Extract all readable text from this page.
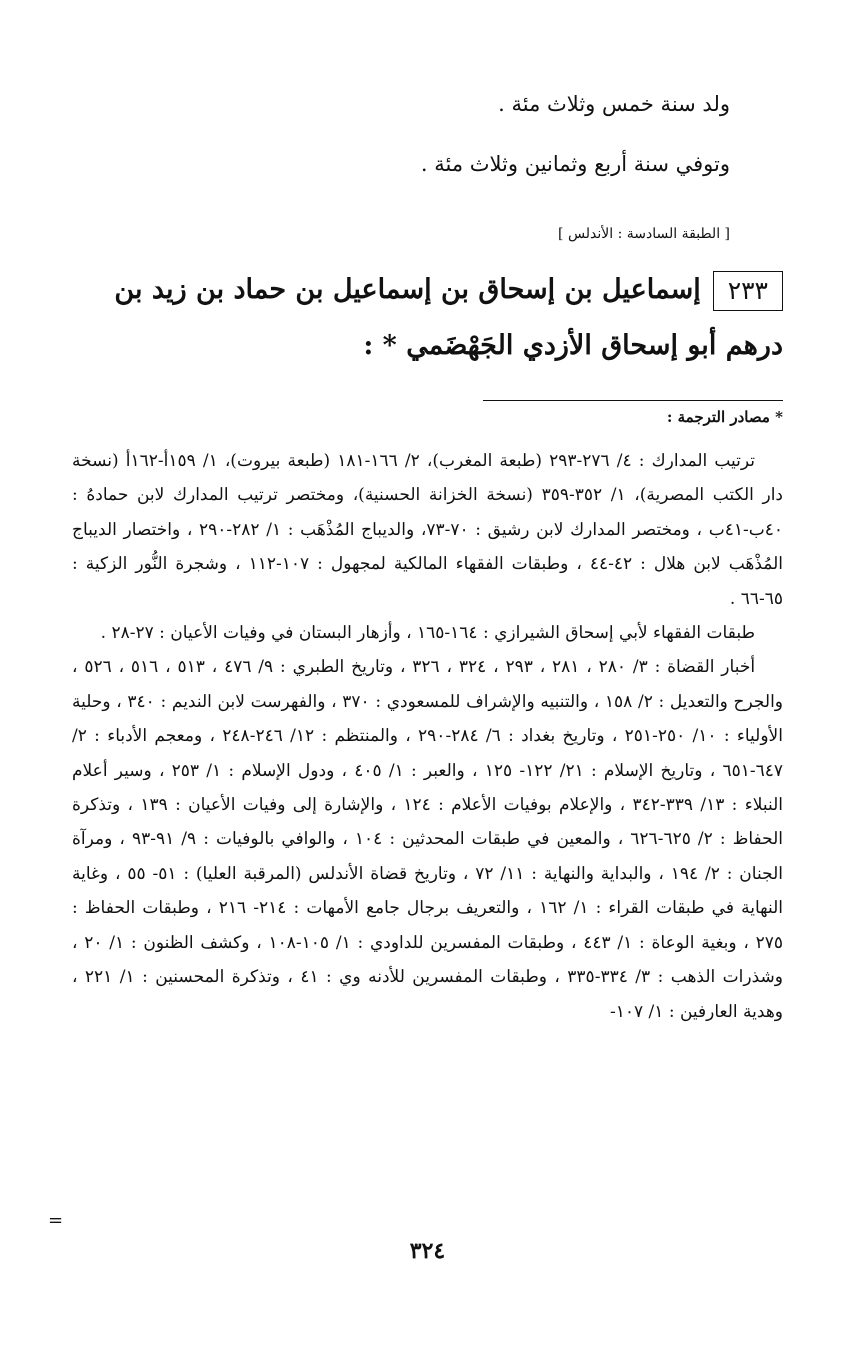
ولد سنة خمس وثلاث مئة .
وتوفي سنة أربع وثمانين وثلاث مئة .
[ الطبقة السادسة : الأندلس ]
٢٣٣إسماعيل بن إسحاق بن إسماعيل بن حماد بن زيد بن درهم أبو إسحاق الأزدي الجَهْضَمي * :
* مصادر الترجمة :

ترتيب المدارك : ٤/ ٢٧٦-٢٩٣ (طبعة المغرب)، ٢/ ١٦٦-١٨١ (طبعة بيروت)، ١/ ١٥٩أ-١٦٢أ (نسخة دار الكتب المصرية)، ١/ ٣٥٢-٣٥٩ (نسخة الخزانة الحسنية)، ومختصر ترتيب المدارك لابن حمادهُ : ٤٠ب-٤١ب ، ومختصر المدارك لابن رشيق : ٧٠-٧٣، والديباج المُذْهَب : ١/ ٢٨٢-٢٩٠ ، واختصار الديباج المُذْهَب لابن هلال : ٤٢-٤٤ ، وطبقات الفقهاء المالكية لمجهول : ١٠٧-١١٢ ، وشجرة النُّور الزكية : ٦٥-٦٦ .

طبقات الفقهاء لأبي إسحاق الشيرازي : ١٦٤-١٦٥ ، وأزهار البستان في وفيات الأعيان : ٢٧-٢٨ .

أخبار القضاة : ٣/ ٢٨٠ ، ٢٨١ ، ٢٩٣ ، ٣٢٤ ، ٣٢٦ ، وتاريخ الطبري : ٩/ ٤٧٦ ، ٥١٣ ، ٥١٦ ، ٥٢٦ ، والجرح والتعديل : ٢/ ١٥٨ ، والتنبيه والإشراف للمسعودي : ٣٧٠ ، والفهرست لابن النديم : ٣٤٠ ، وحلية الأولياء : ١٠/ ٢٥٠-٢٥١ ، وتاريخ بغداد : ٦/ ٢٨٤-٢٩٠ ، والمنتظم : ١٢/ ٢٤٦-٢٤٨ ، ومعجم الأدباء : ٢/ ٦٤٧-٦٥١ ، وتاريخ الإسلام : ٢١/ ١٢٢- ١٢٥ ، والعبر : ١/ ٤٠٥ ، ودول الإسلام : ١/ ٢٥٣ ، وسير أعلام النبلاء : ١٣/ ٣٣٩-٣٤٢ ، والإعلام بوفيات الأعلام : ١٢٤ ، والإشارة إلى وفيات الأعيان : ١٣٩ ، وتذكرة الحفاظ : ٢/ ٦٢٥-٦٢٦ ، والمعين في طبقات المحدثين : ١٠٤ ، والوافي بالوفيات : ٩/ ٩١-٩٣ ، ومرآة الجنان : ٢/ ١٩٤ ، والبداية والنهاية : ١١/ ٧٢ ، وتاريخ قضاة الأندلس (المرقبة العليا) : ٥١- ٥٥ ، وغاية النهاية في طبقات القراء : ١/ ١٦٢ ، والتعريف برجال جامع الأمهات : ٢١٤- ٢١٦ ، وطبقات الحفاظ : ٢٧٥ ، وبغية الوعاة : ١/ ٤٤٣ ، وطبقات المفسرين للداودي : ١/ ١٠٥-١٠٨ ، وكشف الظنون : ١/ ٢٠ ، وشذرات الذهب : ٣/ ٣٣٤-٣٣٥ ، وطبقات المفسرين للأدنه وي : ٤١ ، وتذكرة المحسنين : ١/ ٢٢١ ، وهدية العارفين : ١/ ١٠٧-

=
٣٢٤
